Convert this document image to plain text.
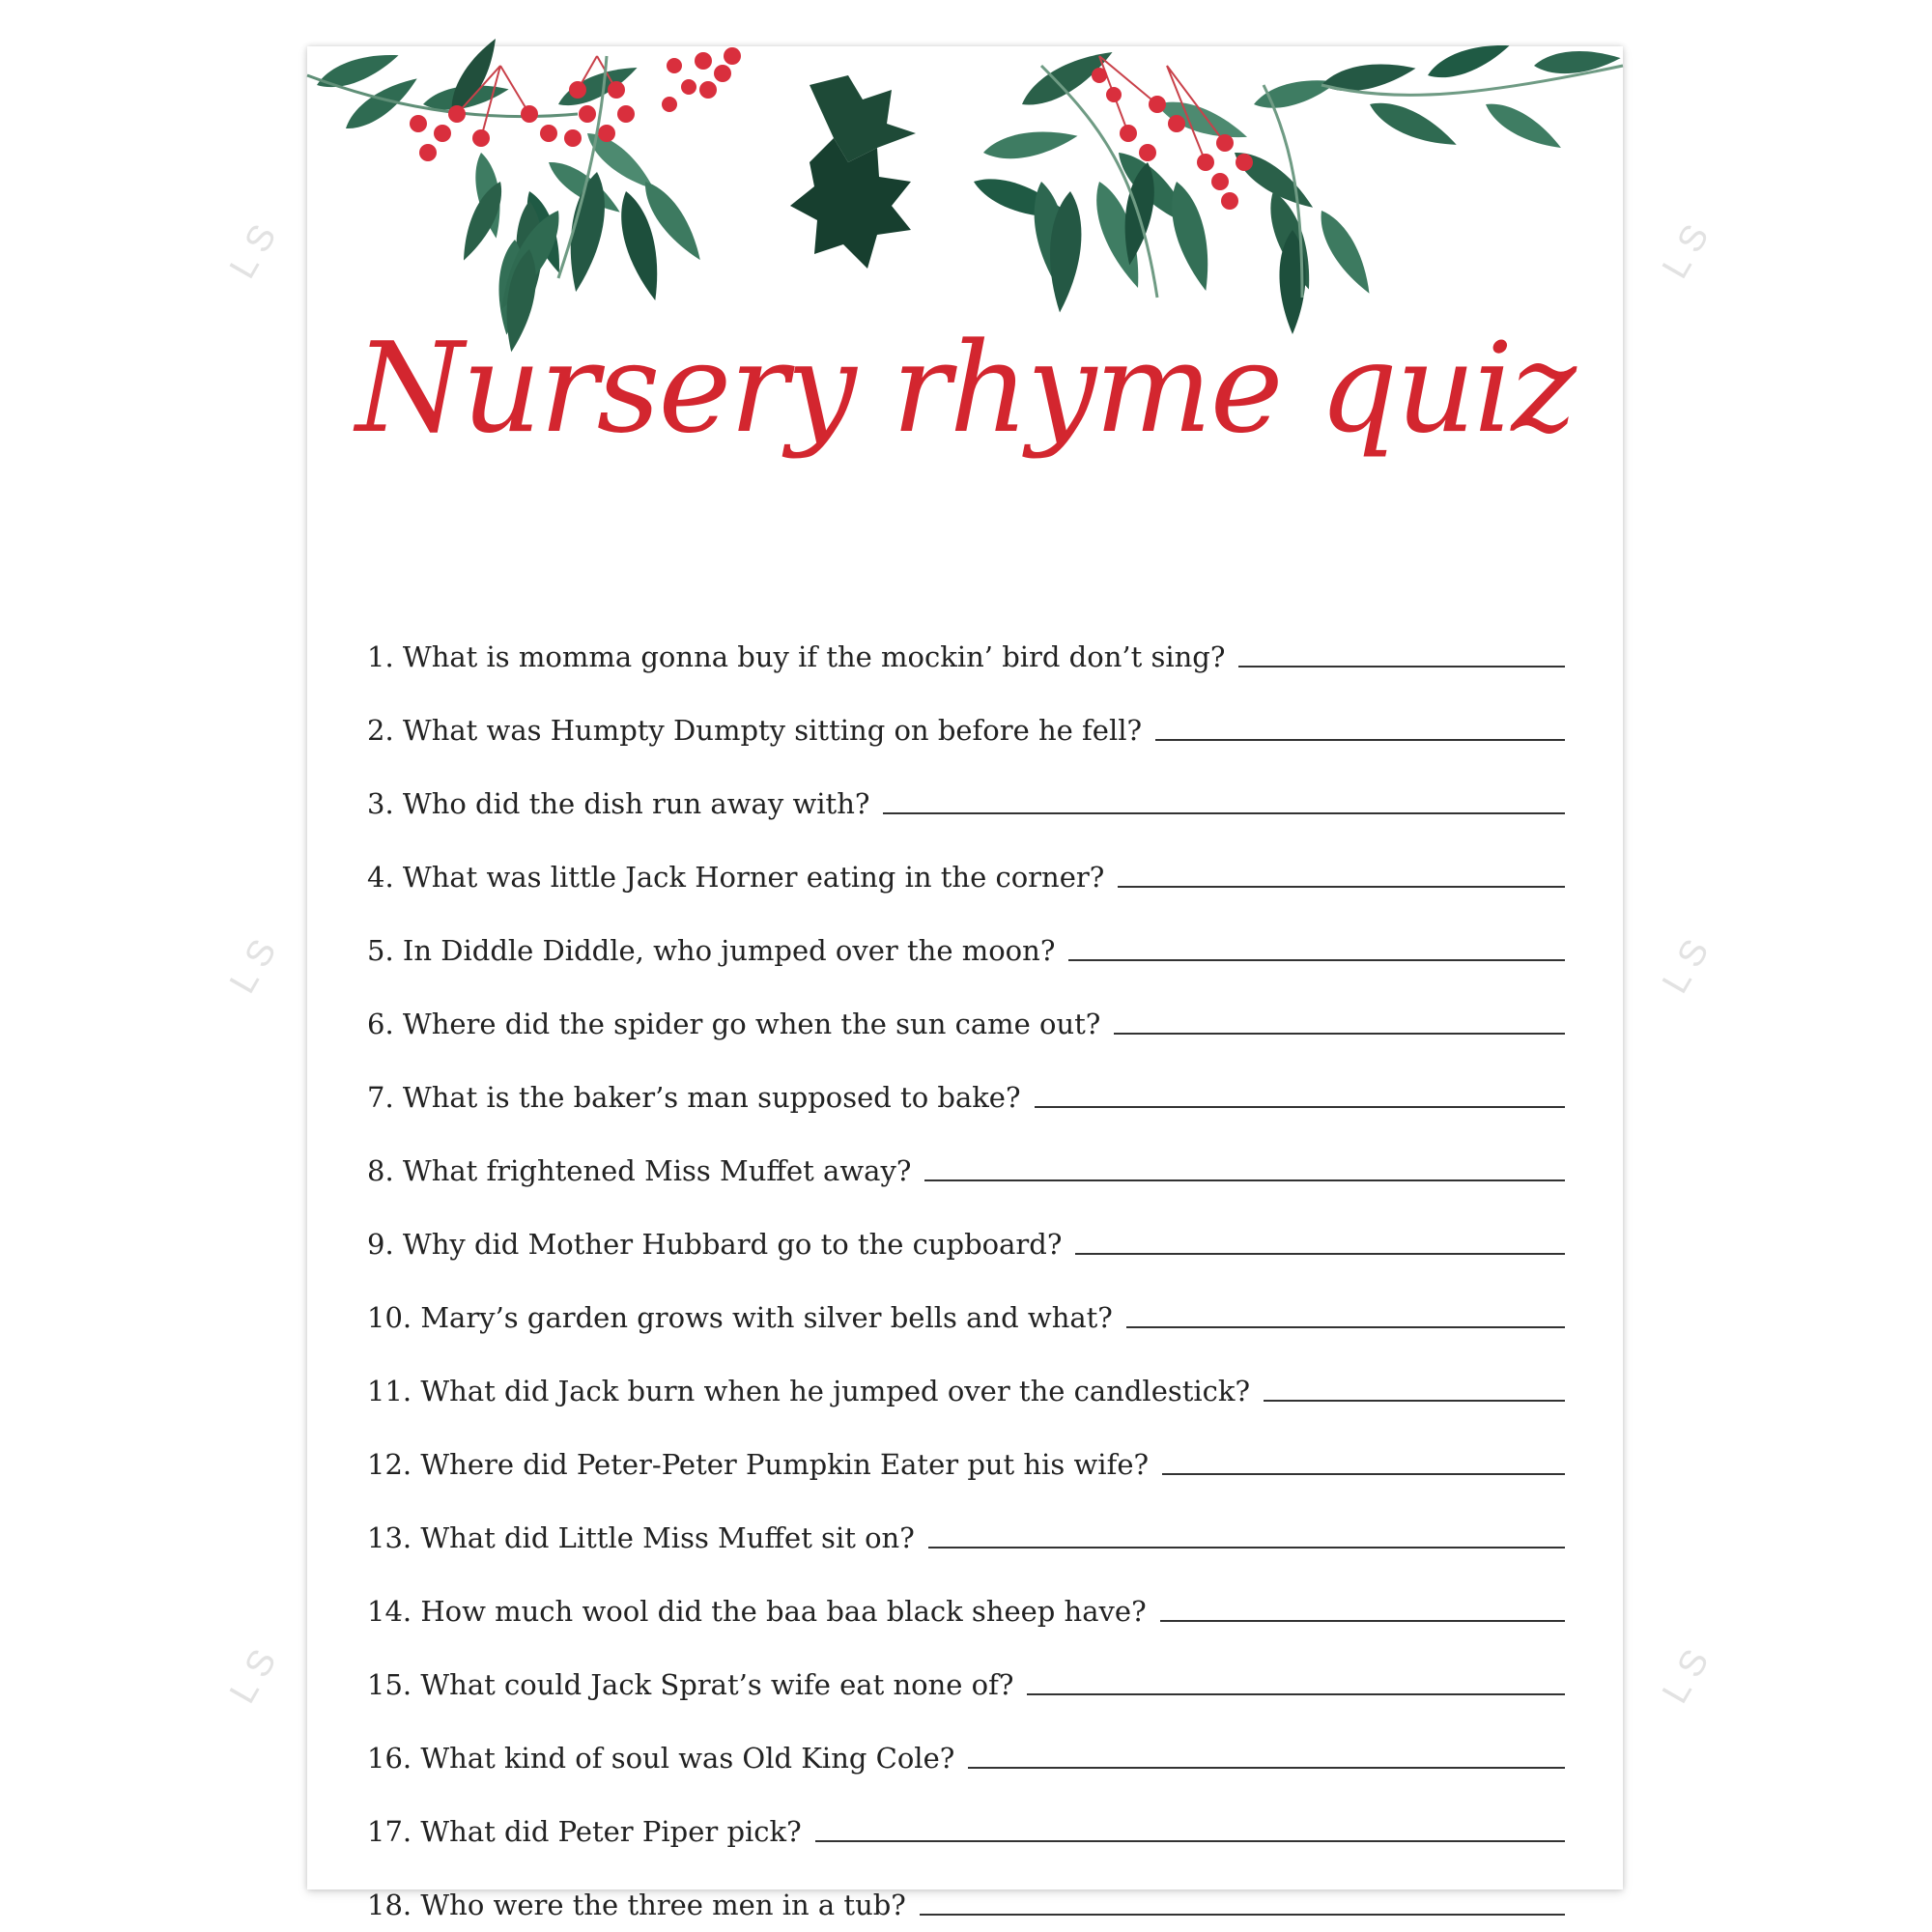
LS
LS
LS
LS
LS
LS
Nursery rhyme quiz
1. What is momma gonna buy if the mockin’ bird don’t sing?
2. What was Humpty Dumpty sitting on before he fell?
3. Who did the dish run away with?
4. What was little Jack Horner eating in the corner?
5. In Diddle Diddle, who jumped over the moon?
6. Where did the spider go when the sun came out?
7. What is the baker’s man supposed to bake?
8. What frightened Miss Muffet away?
9. Why did Mother Hubbard go to the cupboard?
10. Mary’s garden grows with silver bells and what?
11. What did Jack burn when he jumped over the candlestick?
12. Where did Peter-Peter Pumpkin Eater put his wife?
13. What did Little Miss Muffet sit on?
14. How much wool did the baa baa black sheep have?
15. What could Jack Sprat’s wife eat none of?
16. What kind of soul was Old King Cole?
17. What did Peter Piper pick?
18. Who were the three men in a tub?
